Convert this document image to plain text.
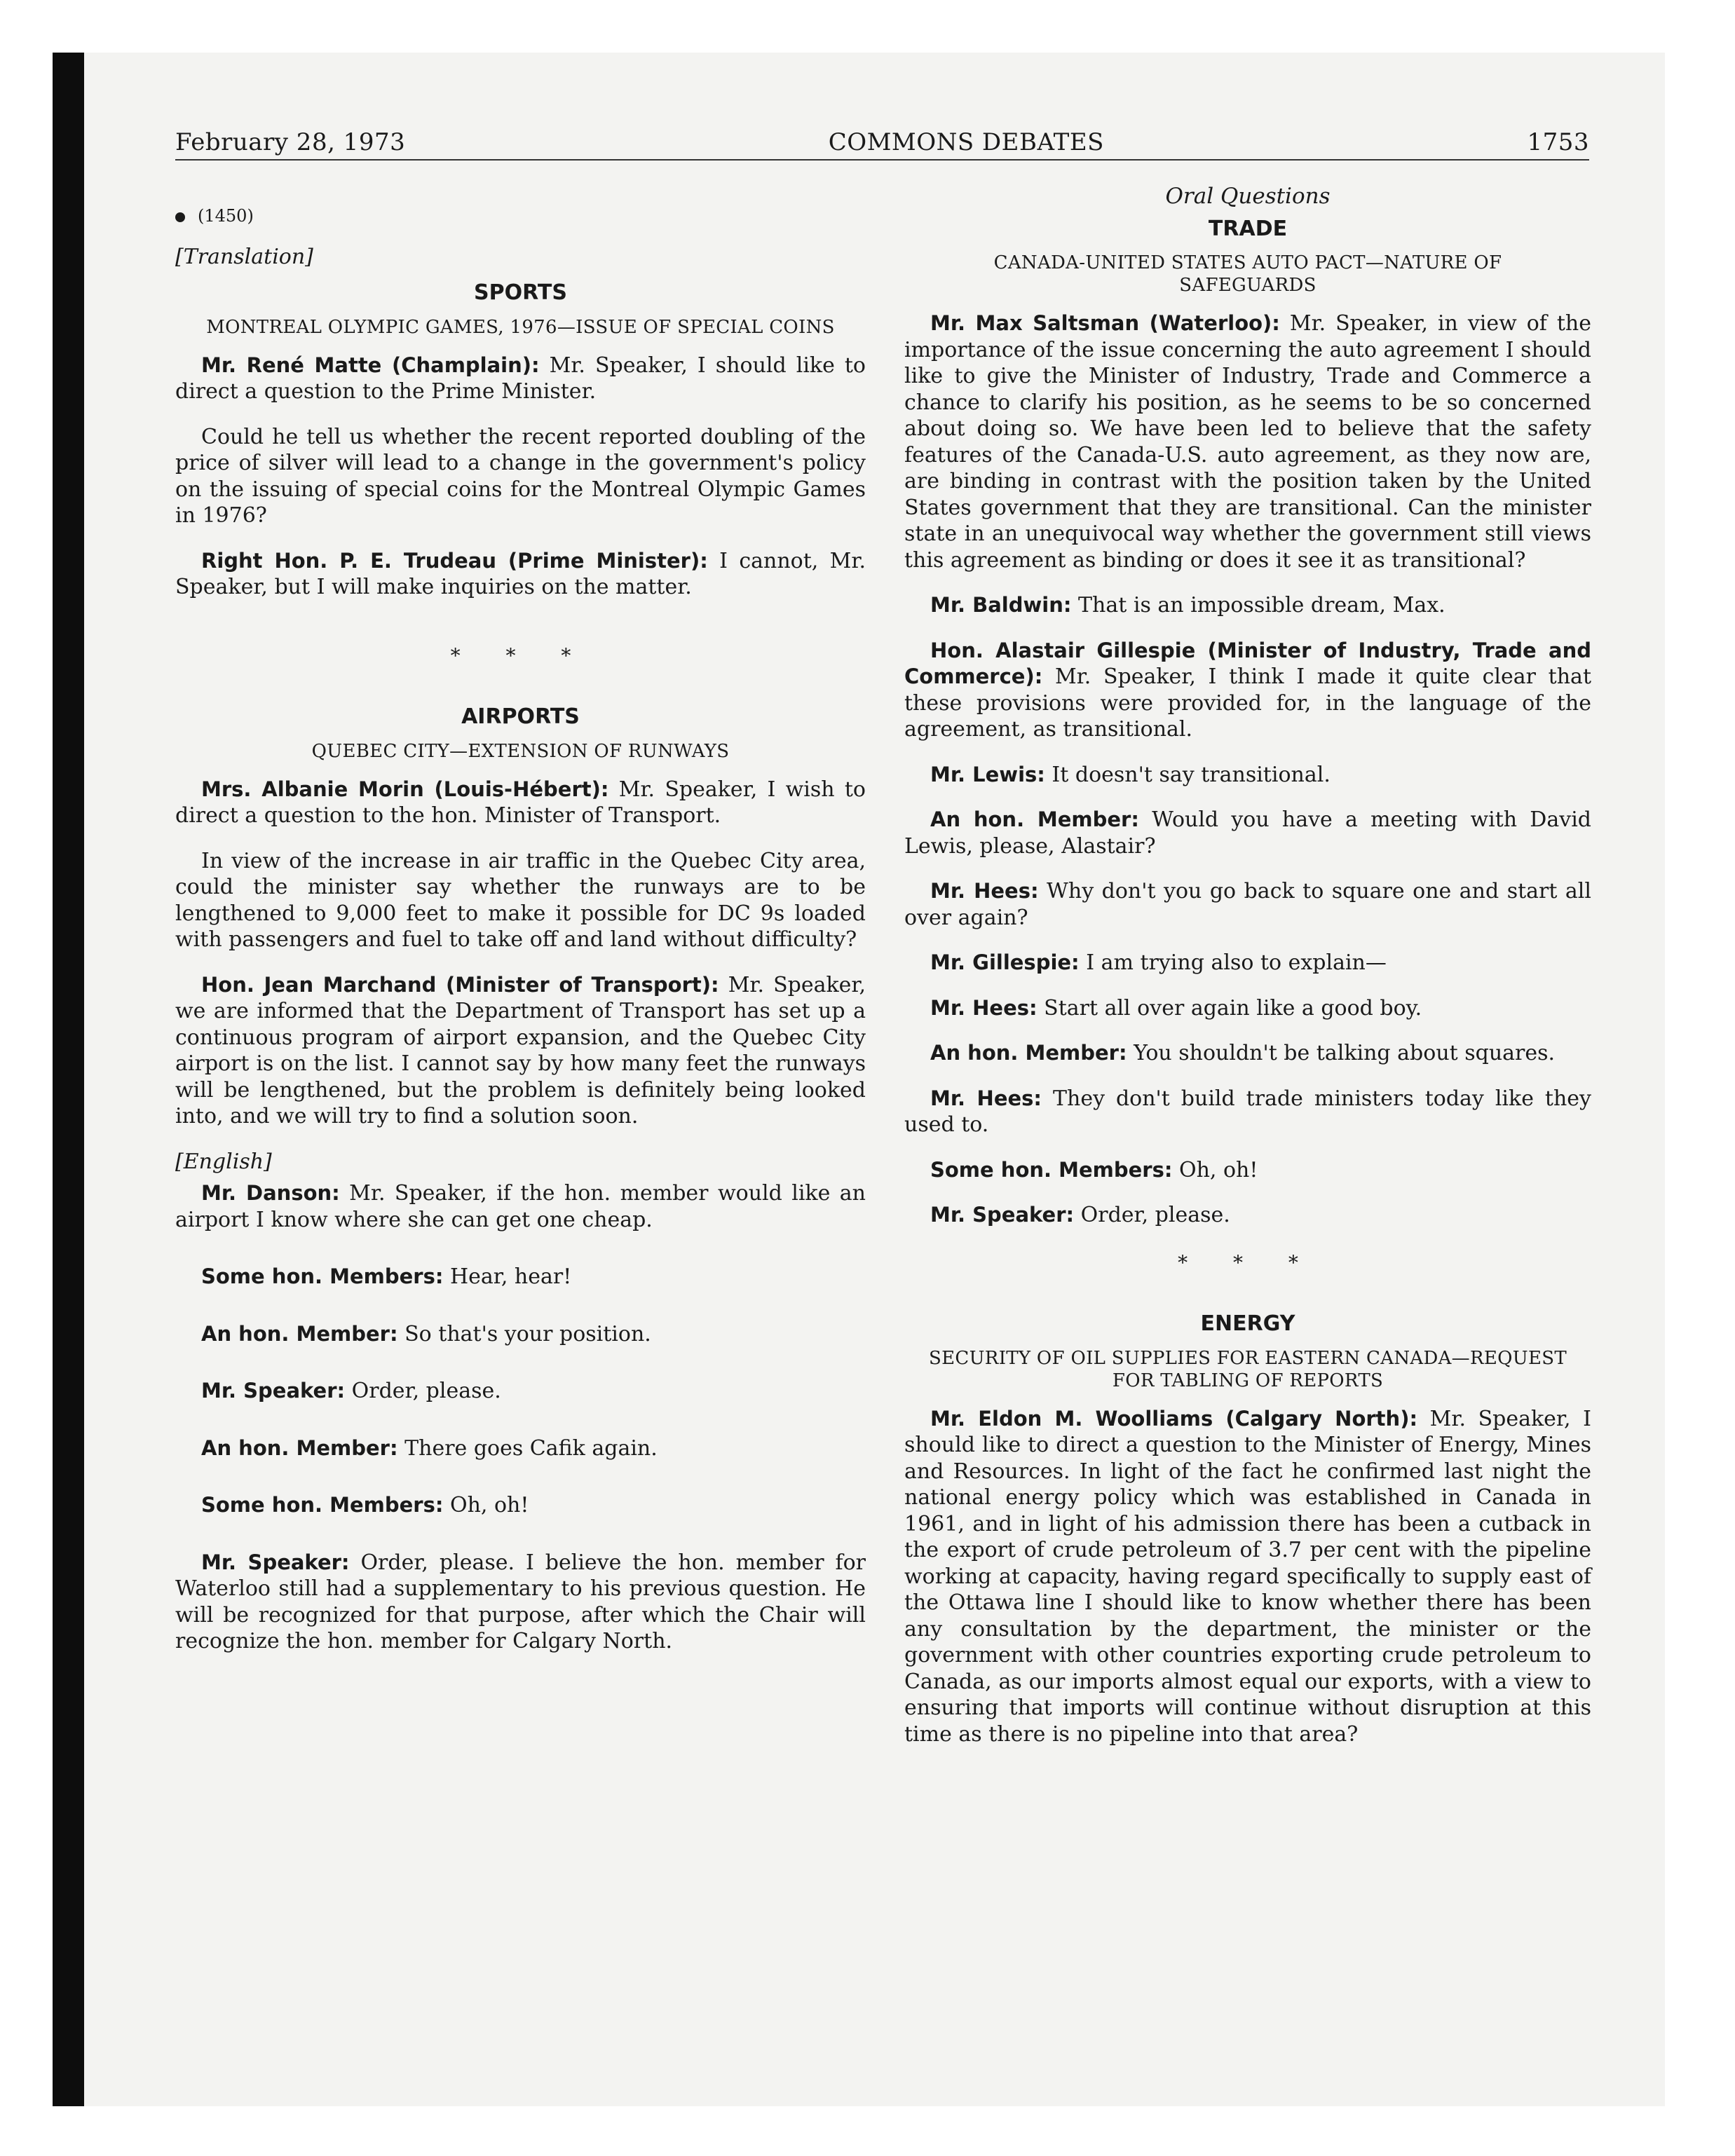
February 28, 1973	COMMONS DEBATES	1753
(1450)
[Translation]
SPORTS
MONTREAL OLYMPIC GAMES, 1976—ISSUE OF SPECIAL COINS

Mr. René Matte (Champlain): Mr. Speaker, I should like to direct a question to the Prime Minister.

Could he tell us whether the recent reported doubling of the price of silver will lead to a change in the government's policy on the issuing of special coins for the Montreal Olympic Games in 1976?

Right Hon. P. E. Trudeau (Prime Minister): I cannot, Mr. Speaker, but I will make inquiries on the matter.

* * *
AIRPORTS
QUEBEC CITY—EXTENSION OF RUNWAYS

Mrs. Albanie Morin (Louis-Hébert): Mr. Speaker, I wish to direct a question to the hon. Minister of Transport.

In view of the increase in air traffic in the Quebec City area, could the minister say whether the runways are to be lengthened to 9,000 feet to make it possible for DC 9s loaded with passengers and fuel to take off and land without difficulty?

Hon. Jean Marchand (Minister of Transport): Mr. Speaker, we are informed that the Department of Transport has set up a continuous program of airport expansion, and the Quebec City airport is on the list. I cannot say by how many feet the runways will be lengthened, but the problem is definitely being looked into, and we will try to find a solution soon.

[English]

Mr. Danson: Mr. Speaker, if the hon. member would like an airport I know where she can get one cheap.

Some hon. Members: Hear, hear!

An hon. Member: So that's your position.

Mr. Speaker: Order, please.

An hon. Member: There goes Cafik again.

Some hon. Members: Oh, oh!

Mr. Speaker: Order, please. I believe the hon. member for Waterloo still had a supplementary to his previous question. He will be recognized for that purpose, after which the Chair will recognize the hon. member for Calgary North.

Oral Questions
TRADE
CANADA-UNITED STATES AUTO PACT—NATURE OF SAFEGUARDS

Mr. Max Saltsman (Waterloo): Mr. Speaker, in view of the importance of the issue concerning the auto agreement I should like to give the Minister of Industry, Trade and Commerce a chance to clarify his position, as he seems to be so concerned about doing so. We have been led to believe that the safety features of the Canada-U.S. auto agreement, as they now are, are binding in contrast with the position taken by the United States government that they are transitional. Can the minister state in an unequivocal way whether the government still views this agreement as binding or does it see it as transitional?

Mr. Baldwin: That is an impossible dream, Max.

Hon. Alastair Gillespie (Minister of Industry, Trade and Commerce): Mr. Speaker, I think I made it quite clear that these provisions were provided for, in the language of the agreement, as transitional.

Mr. Lewis: It doesn't say transitional.

An hon. Member: Would you have a meeting with David Lewis, please, Alastair?

Mr. Hees: Why don't you go back to square one and start all over again?

Mr. Gillespie: I am trying also to explain—

Mr. Hees: Start all over again like a good boy.

An hon. Member: You shouldn't be talking about squares.

Mr. Hees: They don't build trade ministers today like they used to.

Some hon. Members: Oh, oh!

Mr. Speaker: Order, please.

* * *
ENERGY
SECURITY OF OIL SUPPLIES FOR EASTERN CANADA—REQUEST FOR TABLING OF REPORTS

Mr. Eldon M. Woolliams (Calgary North): Mr. Speaker, I should like to direct a question to the Minister of Energy, Mines and Resources. In light of the fact he confirmed last night the national energy policy which was established in Canada in 1961, and in light of his admission there has been a cutback in the export of crude petroleum of 3.7 per cent with the pipeline working at capacity, having regard specifically to supply east of the Ottawa line I should like to know whether there has been any consultation by the department, the minister or the government with other countries exporting crude petroleum to Canada, as our imports almost equal our exports, with a view to ensuring that imports will continue without disruption at this time as there is no pipeline into that area?
